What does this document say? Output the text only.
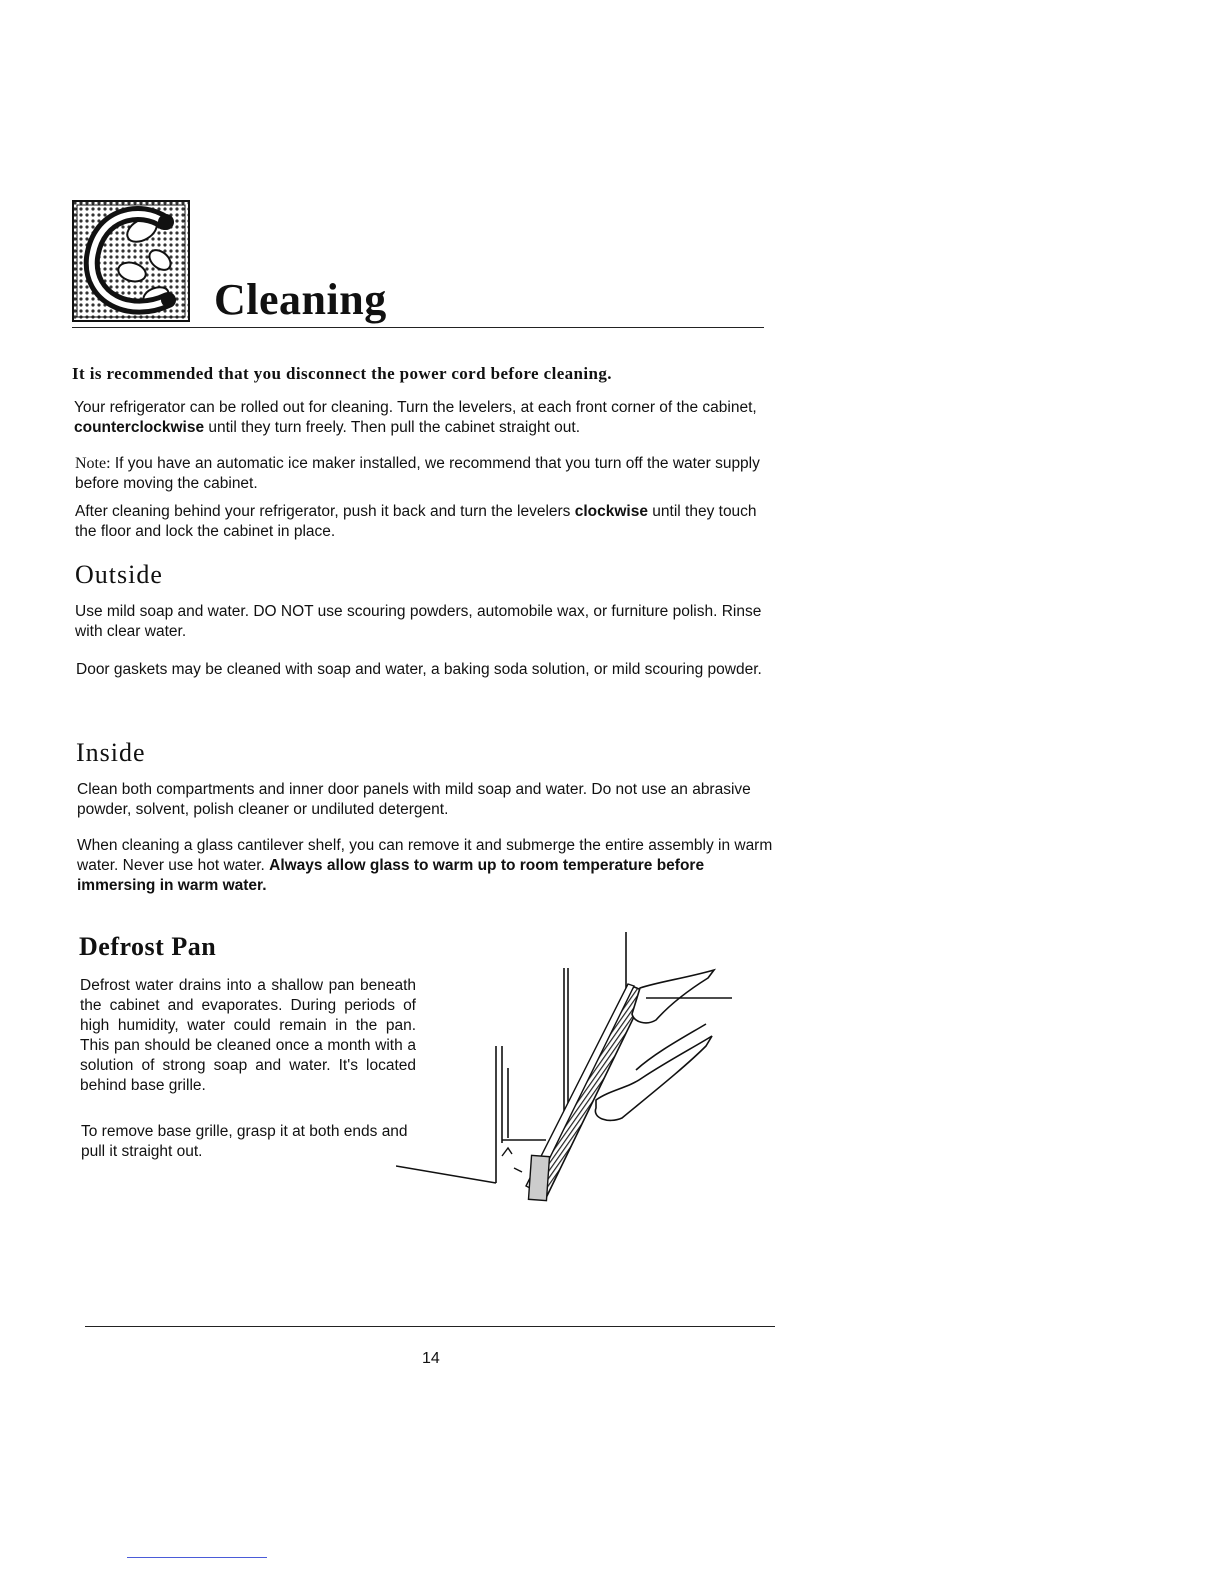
Cleaning
It is recommended that you disconnect the power cord before cleaning.
Your refrigerator can be rolled out for cleaning. Turn the levelers, at each front corner of the cabinet, counterclockwise until they turn freely. Then pull the cabinet straight out.
Note: If you have an automatic ice maker installed, we recommend that you turn off the water supply before moving the cabinet.
After cleaning behind your refrigerator, push it back and turn the levelers clockwise until they touch the floor and lock the cabinet in place.
Outside
Use mild soap and water. DO NOT use scouring powders, automobile wax, or furniture polish. Rinse with clear water.
Door gaskets may be cleaned with soap and water, a baking soda solution, or mild scouring powder.
Inside
Clean both compartments and inner door panels with mild soap and water. Do not use an abrasive powder, solvent, polish cleaner or undiluted detergent.
When cleaning a glass cantilever shelf, you can remove it and submerge the entire assembly in warm water. Never use hot water. Always allow glass to warm up to room temperature before immersing in warm water.
Defrost Pan
Defrost water drains into a shallow pan beneath the cabinet and evaporates. During periods of high humidity, water could remain in the pan. This pan should be cleaned once a month with a solution of strong soap and water. It's located behind base grille.
To remove base grille, grasp it at both ends and pull it straight out.
14
